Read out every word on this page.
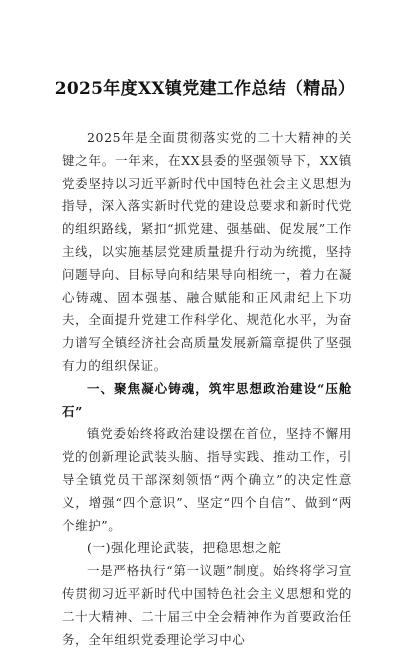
2025年度XX镇党建工作总结（精品）

2025年是全面贯彻落实党的二十大精神的关键之年。一年来，在XX县委的坚强领导下，XX镇党委坚持以习近平新时代中国特色社会主义思想为指导，深入落实新时代党的建设总要求和新时代党的组织路线，紧扣“抓党建、强基础、促发展”工作主线，以实施基层党建质量提升行动为统揽，坚持问题导向、目标导向和结果导向相统一，着力在凝心铸魂、固本强基、融合赋能和正风肃纪上下功夫，全面提升党建工作科学化、规范化水平，为奋力谱写全镇经济社会高质量发展新篇章提供了坚强有力的组织保证。

一、聚焦凝心铸魂，筑牢思想政治建设“压舱石”

镇党委始终将政治建设摆在首位，坚持不懈用党的创新理论武装头脑、指导实践、推动工作，引导全镇党员干部深刻领悟“两个确立”的决定性意义，增强“四个意识”、坚定“四个自信”、做到“两个维护”。

(一)强化理论武装，把稳思想之舵

一是严格执行“第一议题”制度。始终将学习宣传贯彻习近平新时代中国特色社会主义思想和党的二十大精神、二十届三中全会精神作为首要政治任务，全年组织党委理论学习中心
